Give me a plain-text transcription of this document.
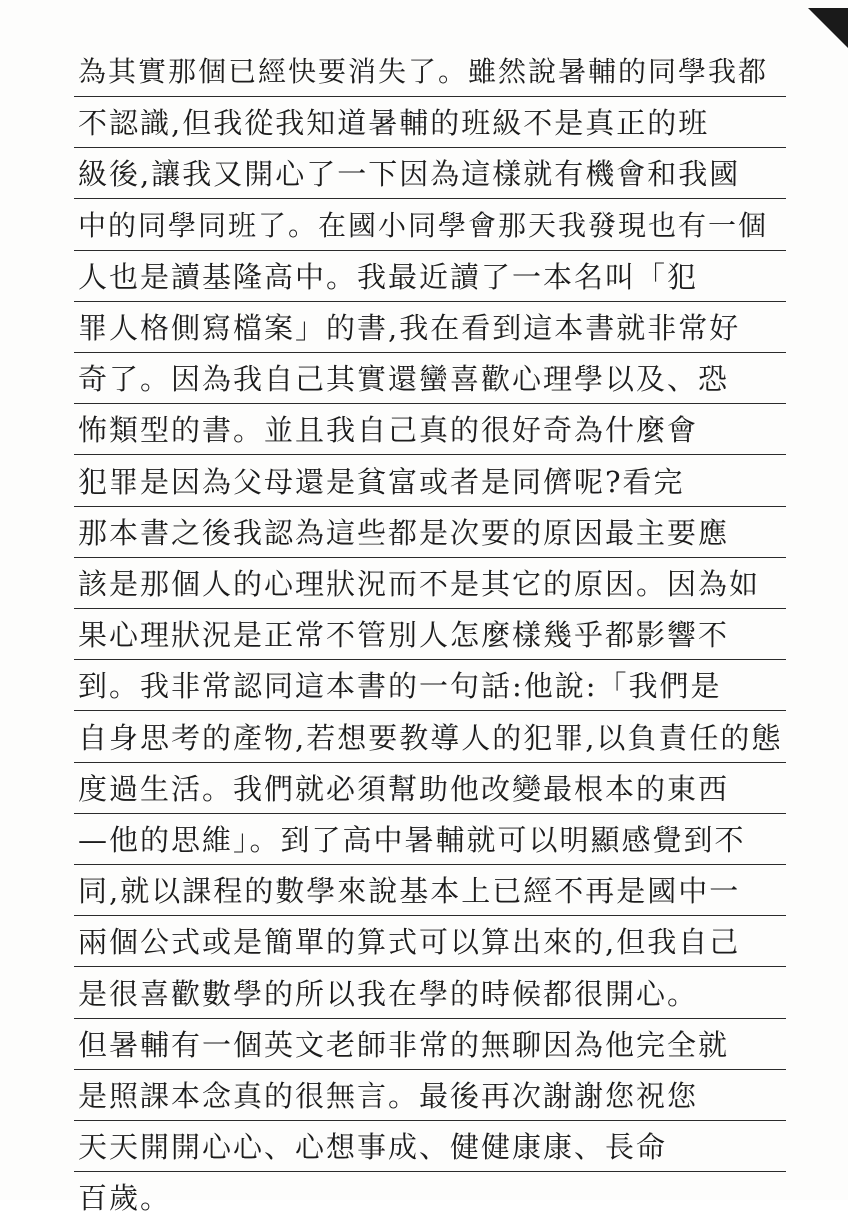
為其實那個已經快要消失了。雖然說暑輔的同學我都
不認識,但我從我知道暑輔的班級不是真正的班
級後,讓我又開心了一下因為這樣就有機會和我國
中的同學同班了。在國小同學會那天我發現也有一個
人也是讀基隆高中。我最近讀了一本名叫「犯
罪人格側寫檔案」的書,我在看到這本書就非常好
奇了。因為我自己其實還蠻喜歡心理學以及、恐
怖類型的書。並且我自己真的很好奇為什麼會
犯罪是因為父母還是貧富或者是同儕呢?看完
那本書之後我認為這些都是次要的原因最主要應
該是那個人的心理狀況而不是其它的原因。因為如
果心理狀況是正常不管別人怎麼樣幾乎都影響不
到。我非常認同這本書的一句話:他說:「我們是
自身思考的產物,若想要教導人的犯罪,以負責任的態
度過生活。我們就必須幫助他改變最根本的東西
—他的思維」。到了高中暑輔就可以明顯感覺到不
同,就以課程的數學來說基本上已經不再是國中一
兩個公式或是簡單的算式可以算出來的,但我自己
是很喜歡數學的所以我在學的時候都很開心。
但暑輔有一個英文老師非常的無聊因為他完全就
是照課本念真的很無言。最後再次謝謝您祝您
天天開開心心、心想事成、健健康康、長命
百歲。
